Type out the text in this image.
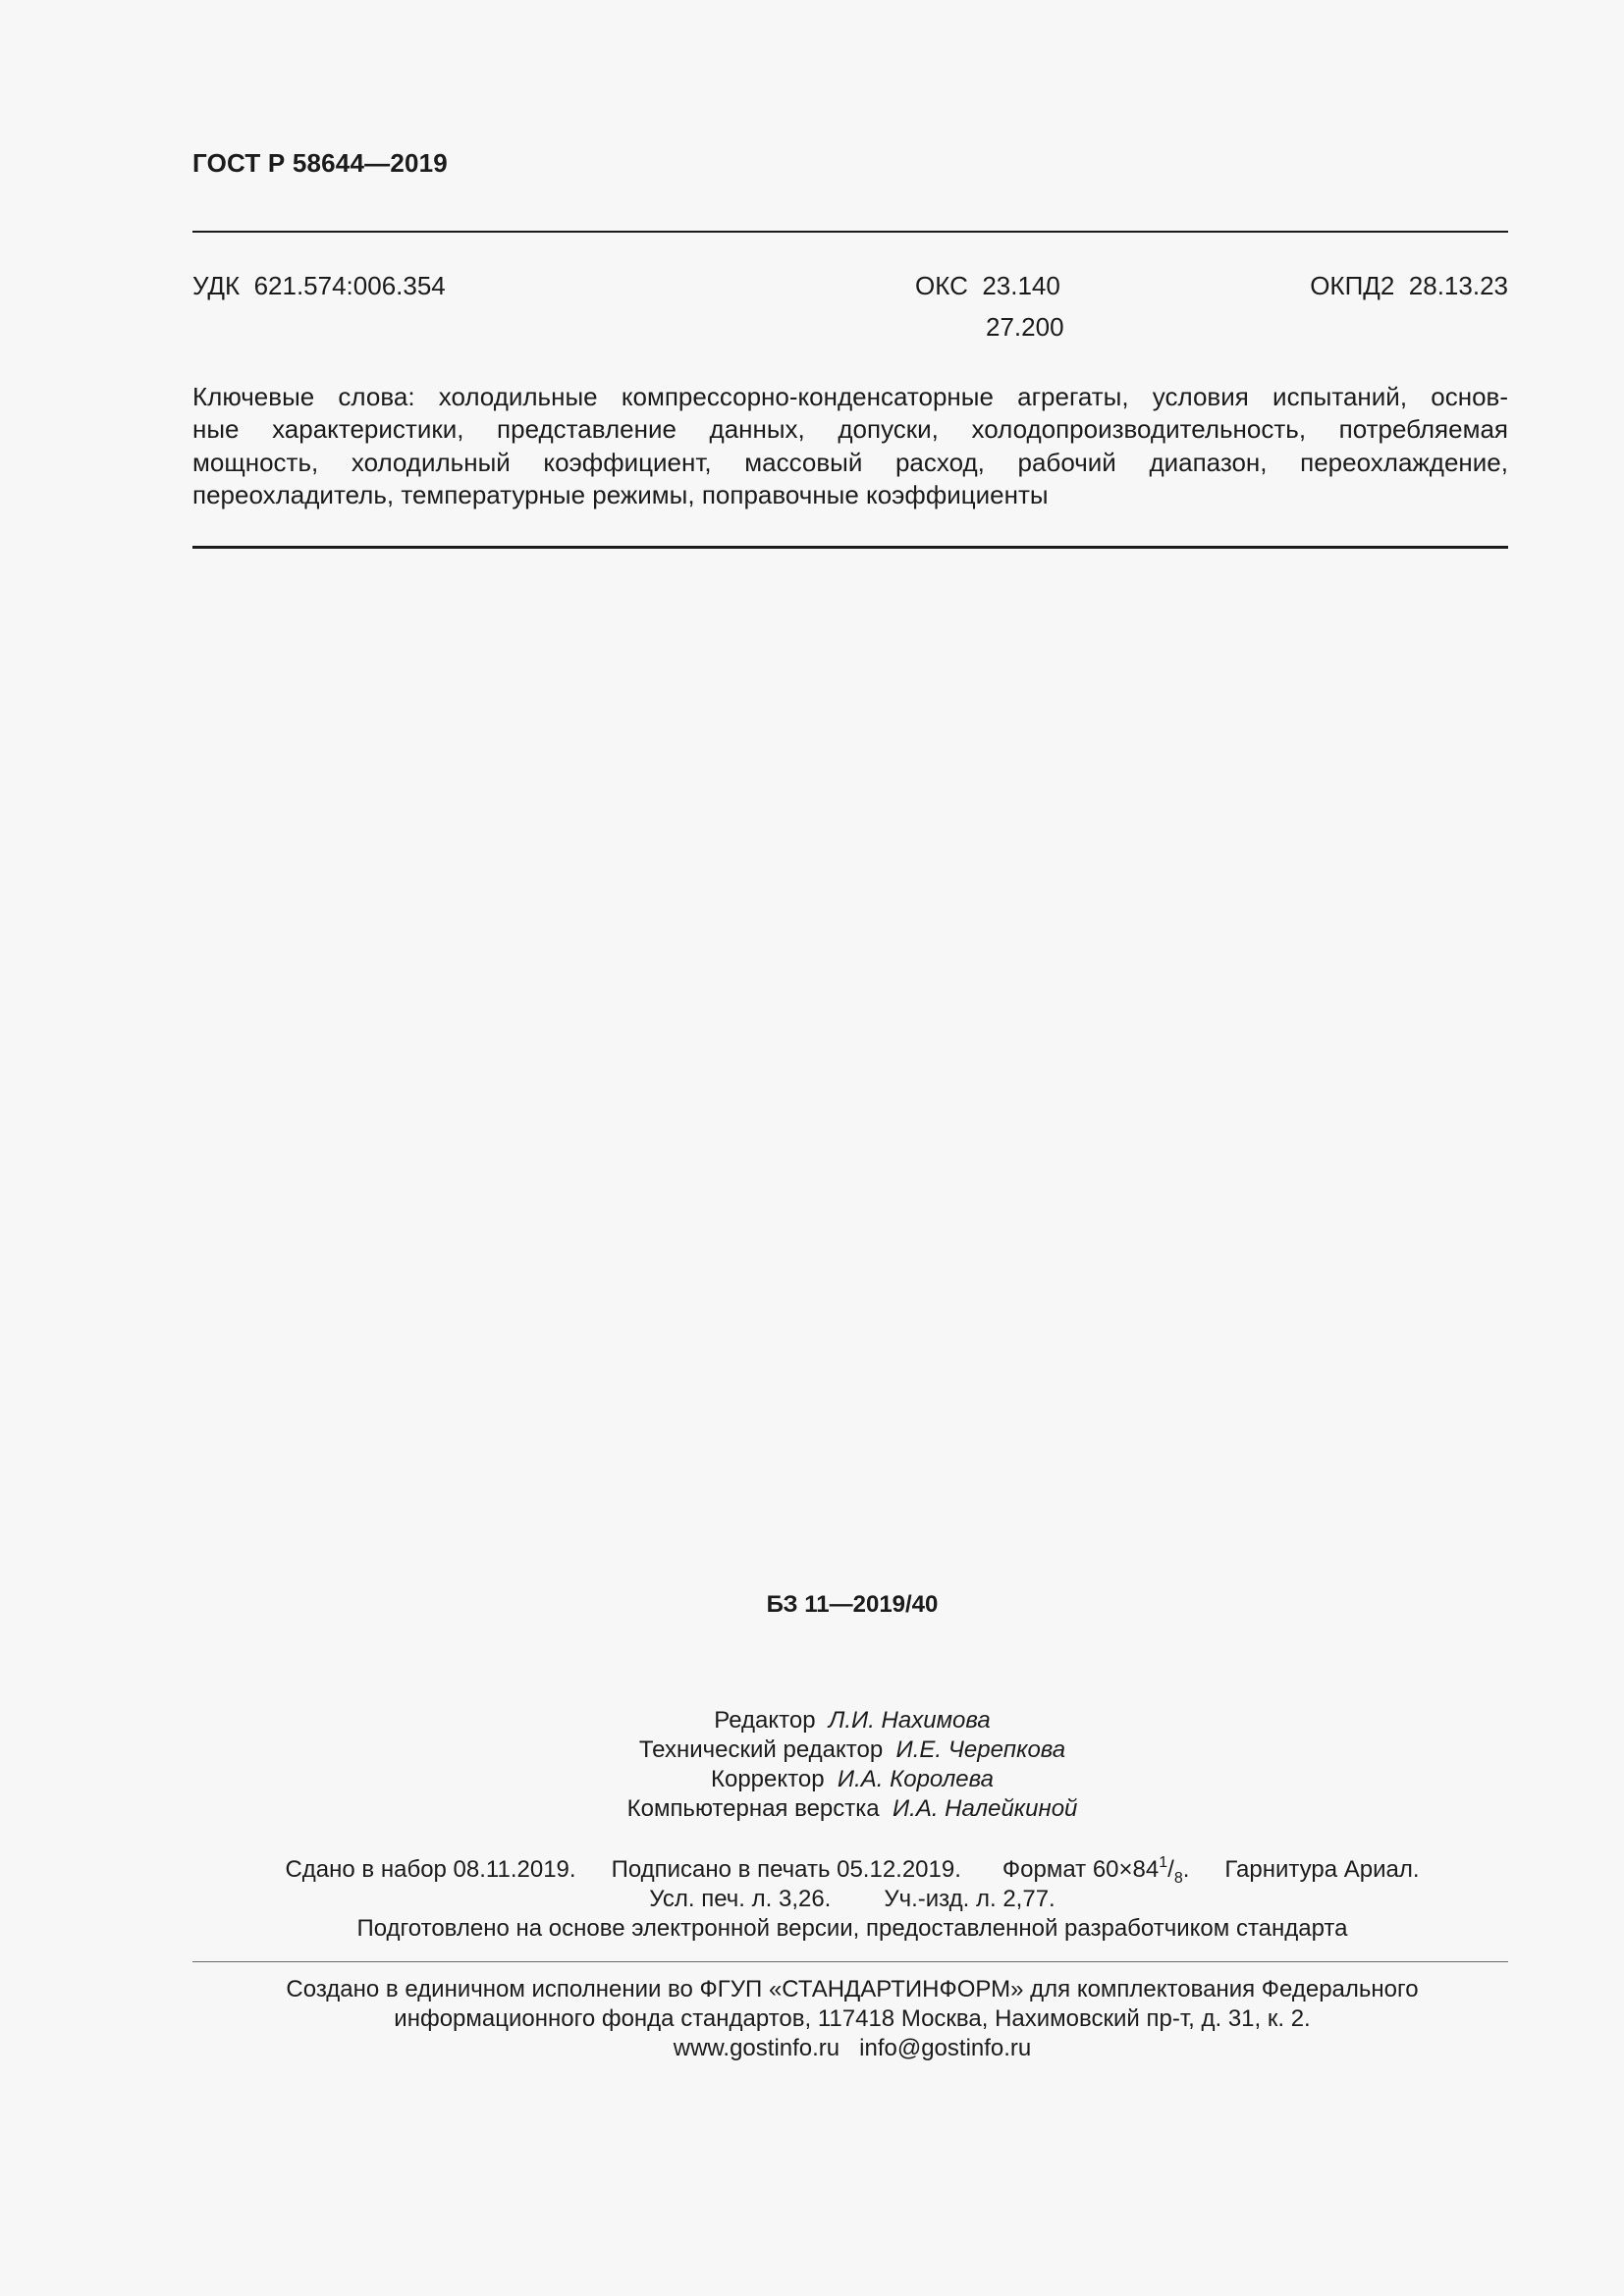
ГОСТ Р 58644—2019
УДК 621.574:006.354	ОКС 23.140
27.200
ОКПД2 28.13.23
Ключевые слова: холодильные компрессорно-конденсаторные агрегаты, условия испытаний, основ-
ные характеристики, представление данных, допуски, холодопроизводительность, потребляемая
мощность, холодильный коэффициент, массовый расход, рабочий диапазон, переохлаждение,
переохладитель, температурные режимы, поправочные коэффициенты
БЗ 11—2019/40
Редактор Л.И. Нахимова
Технический редактор И.Е. Черепкова
Корректор И.А. Королева
Компьютерная верстка И.А. Налейкиной
Сдано в набор 08.11.2019. Подписано в печать 05.12.2019. Формат $60\times 84^1/_8$. Гарнитура Ариал.
Усл. печ. л. 3,26. Уч.-изд. л. 2,77.
Подготовлено на основе электронной версии, предоставленной разработчиком стандарта
Создано в единичном исполнении во ФГУП «СТАНДАРТИНФОРМ» для комплектования Федерального
информационного фонда стандартов, 117418 Москва, Нахимовский пр-т, д. 31, к. 2.
www.gostinfo.ru info@gostinfo.ru
